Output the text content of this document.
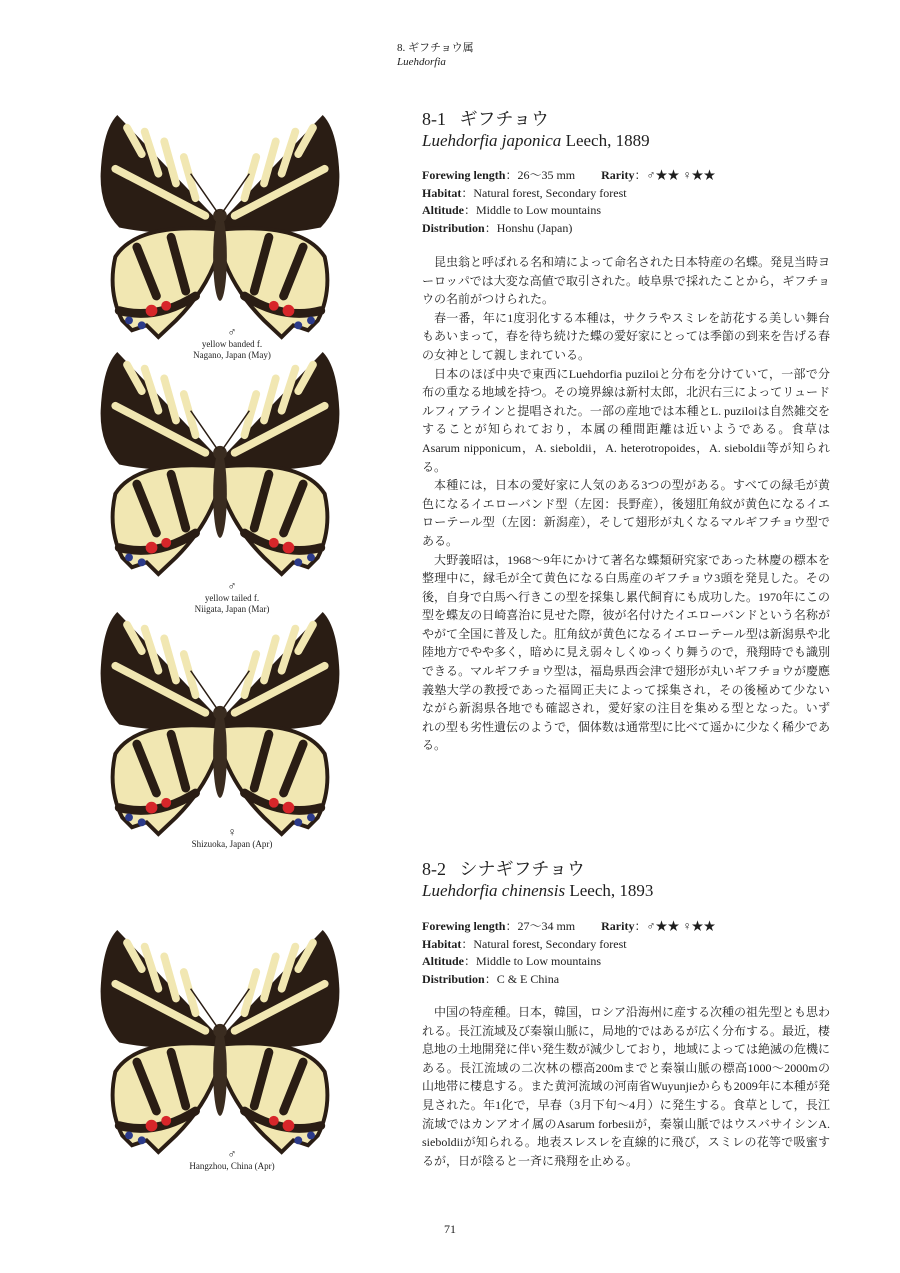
8. ギフチョウ属
Luehdorfia
♂
yellow banded f.
Nagano, Japan (May)
♂
yellow tailed f.
Niigata, Japan (Mar)
♀
Shizuoka, Japan (Apr)
♂
Hangzhou, China (Apr)
8-1 ギフチョウ
Luehdorfia japonica Leech, 1889
Forewing length：26～35 mm Rarity：♂★★ ♀★★
Habitat：Natural forest, Secondary forest
Altitude：Middle to Low mountains
Distribution：Honshu (Japan)

昆虫翁と呼ばれる名和靖によって命名された日本特産の名蝶。発見当時ヨーロッパでは大変な高値で取引された。岐阜県で採れたことから，ギフチョウの名前がつけられた。

春一番，年に1度羽化する本種は，サクラやスミレを訪花する美しい舞台もあいまって，春を待ち続けた蝶の愛好家にとっては季節の到来を告げる春の女神として親しまれている。

日本のほぼ中央で東西にLuehdorfia puziloiと分布を分けていて，一部で分布の重なる地域を持つ。その境界線は新村太郎，北沢右三によってリュードルフィアラインと提唱された。一部の産地では本種とL. puziloiは自然雑交をすることが知られており，本属の種間距離は近いようである。食草はAsarum nipponicum，A. sieboldii，A. heterotropoides，A. sieboldii等が知られる。

本種には，日本の愛好家に人気のある3つの型がある。すべての緑毛が黄色になるイエローバンド型（左図：長野産），後翅肛角紋が黄色になるイエローテール型（左図：新潟産），そして翅形が丸くなるマルギフチョウ型である。

大野義昭は，1968～9年にかけて著名な蝶類研究家であった林慶の標本を整理中に，縁毛が全て黄色になる白馬産のギフチョウ3頭を発見した。その後，自身で白馬へ行きこの型を採集し累代飼育にも成功した。1970年にこの型を蝶友の日崎喜治に見せた際，彼が名付けたイエローバンドという名称がやがて全国に普及した。肛角紋が黄色になるイエローテール型は新潟県や北陸地方でやや多く，暗めに見え弱々しくゆっくり舞うので，飛翔時でも識別できる。マルギフチョウ型は，福島県西会津で翅形が丸いギフチョウが慶應義塾大学の教授であった福岡正夫によって採集され，その後極めて少ないながら新潟県各地でも確認され，愛好家の注目を集める型となった。いずれの型も劣性遺伝のようで，個体数は通常型に比べて遥かに少なく稀少である。

8-2 シナギフチョウ
Luehdorfia chinensis Leech, 1893
Forewing length：27～34 mm Rarity：♂★★ ♀★★
Habitat：Natural forest, Secondary forest
Altitude：Middle to Low mountains
Distribution：C & E China

中国の特産種。日本，韓国，ロシア沿海州に産する次種の祖先型とも思われる。長江流域及び秦嶺山脈に，局地的ではあるが広く分布する。最近，棲息地の土地開発に伴い発生数が減少しており，地域によっては絶滅の危機にある。長江流域の二次林の標高200mまでと秦嶺山脈の標高1000～2000mの山地帯に棲息する。また黄河流域の河南省Wuyunjieからも2009年に本種が発見された。年1化で，早春（3月下旬～4月）に発生する。食草として，長江流域ではカンアオイ属のAsarum forbesiiが，秦嶺山脈ではウスバサイシンA. sieboldiiが知られる。地表スレスレを直線的に飛び，スミレの花等で吸蜜するが，日が陰ると一斉に飛翔を止める。

71
